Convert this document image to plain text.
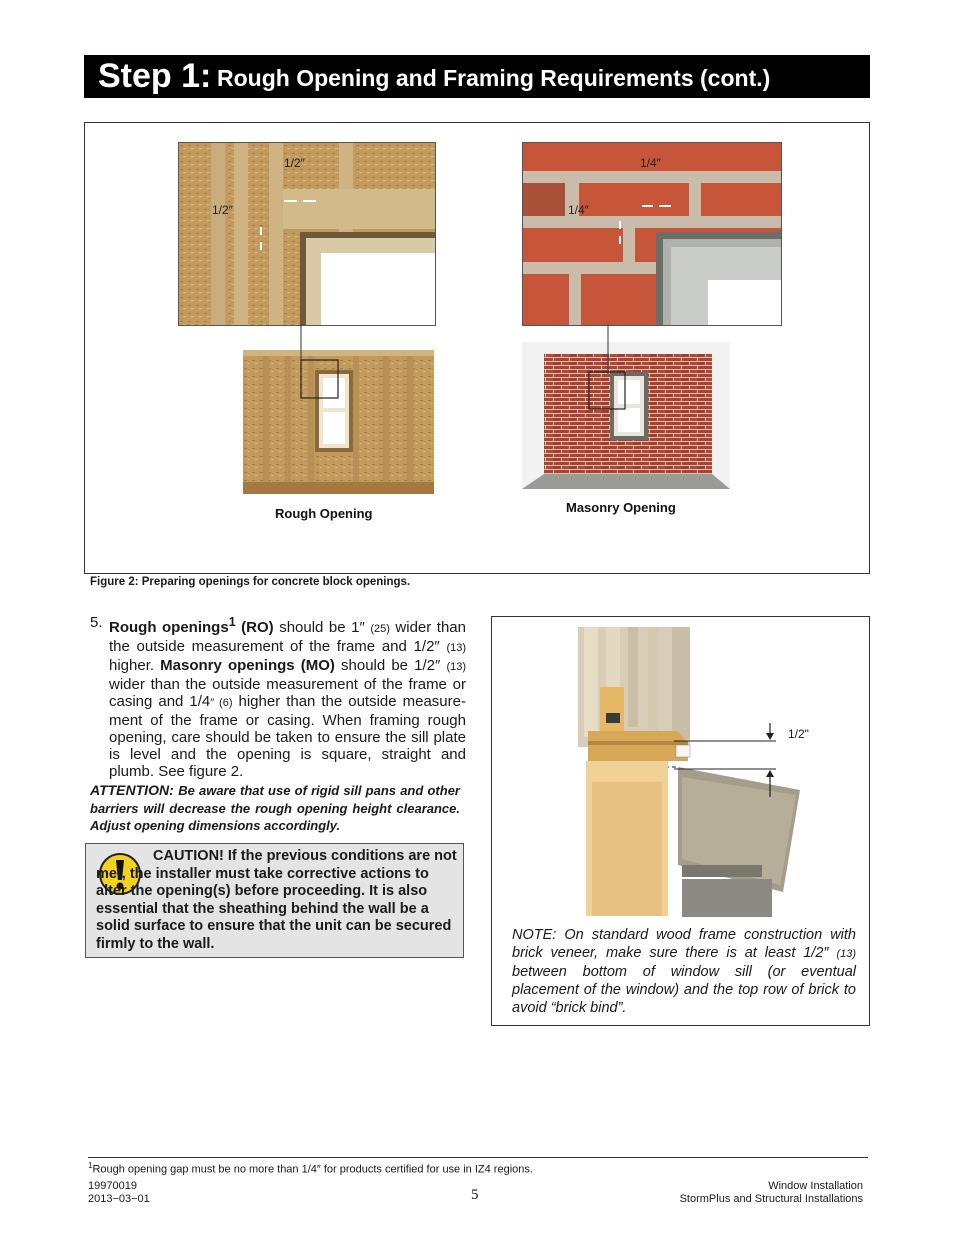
Step 1: Rough Opening and Framing Requirements (cont.)
1/2″
1/2″
Rough Opening
1/4″
1/4″
Masonry Opening
Figure 2: Preparing openings for concrete block openings.
5. Rough openings$^1$ (RO) should be 1″ (25) wider than the outside measurement of the frame and 1/2″ (13) higher. Masonry openings (MO) should be 1/2″ (13) wider than the outside measurement of the frame or casing and 1/4″ (6) higher than the outside measure- ment of the frame or casing. When framing rough opening, care should be taken to ensure the sill plate is level and the opening is square, straight and plumb. See figure 2.
ATTENTION: Be aware that use of rigid sill pans and other barriers will decrease the rough opening height clearance. Adjust opening dimensions accordingly.
CAUTION! If the previous conditions are not met, the installer must take corrective actions to alter the opening(s) before proceeding. It is also essential that the sheathing behind the wall be a solid surface to ensure that the unit can be secured firmly to the wall.
1/2"
NOTE: On standard wood frame construction with brick veneer, make sure there is at least 1/2″ (13) between bottom of window sill (or eventual placement of the window) and the top row of brick to avoid “brick bind”.
$^1$Rough opening gap must be no more than 1/4″ for products certified for use in IZ4 regions.
19970019
2013−03−01	5
Window Installation
StormPlus and Structural Installations
